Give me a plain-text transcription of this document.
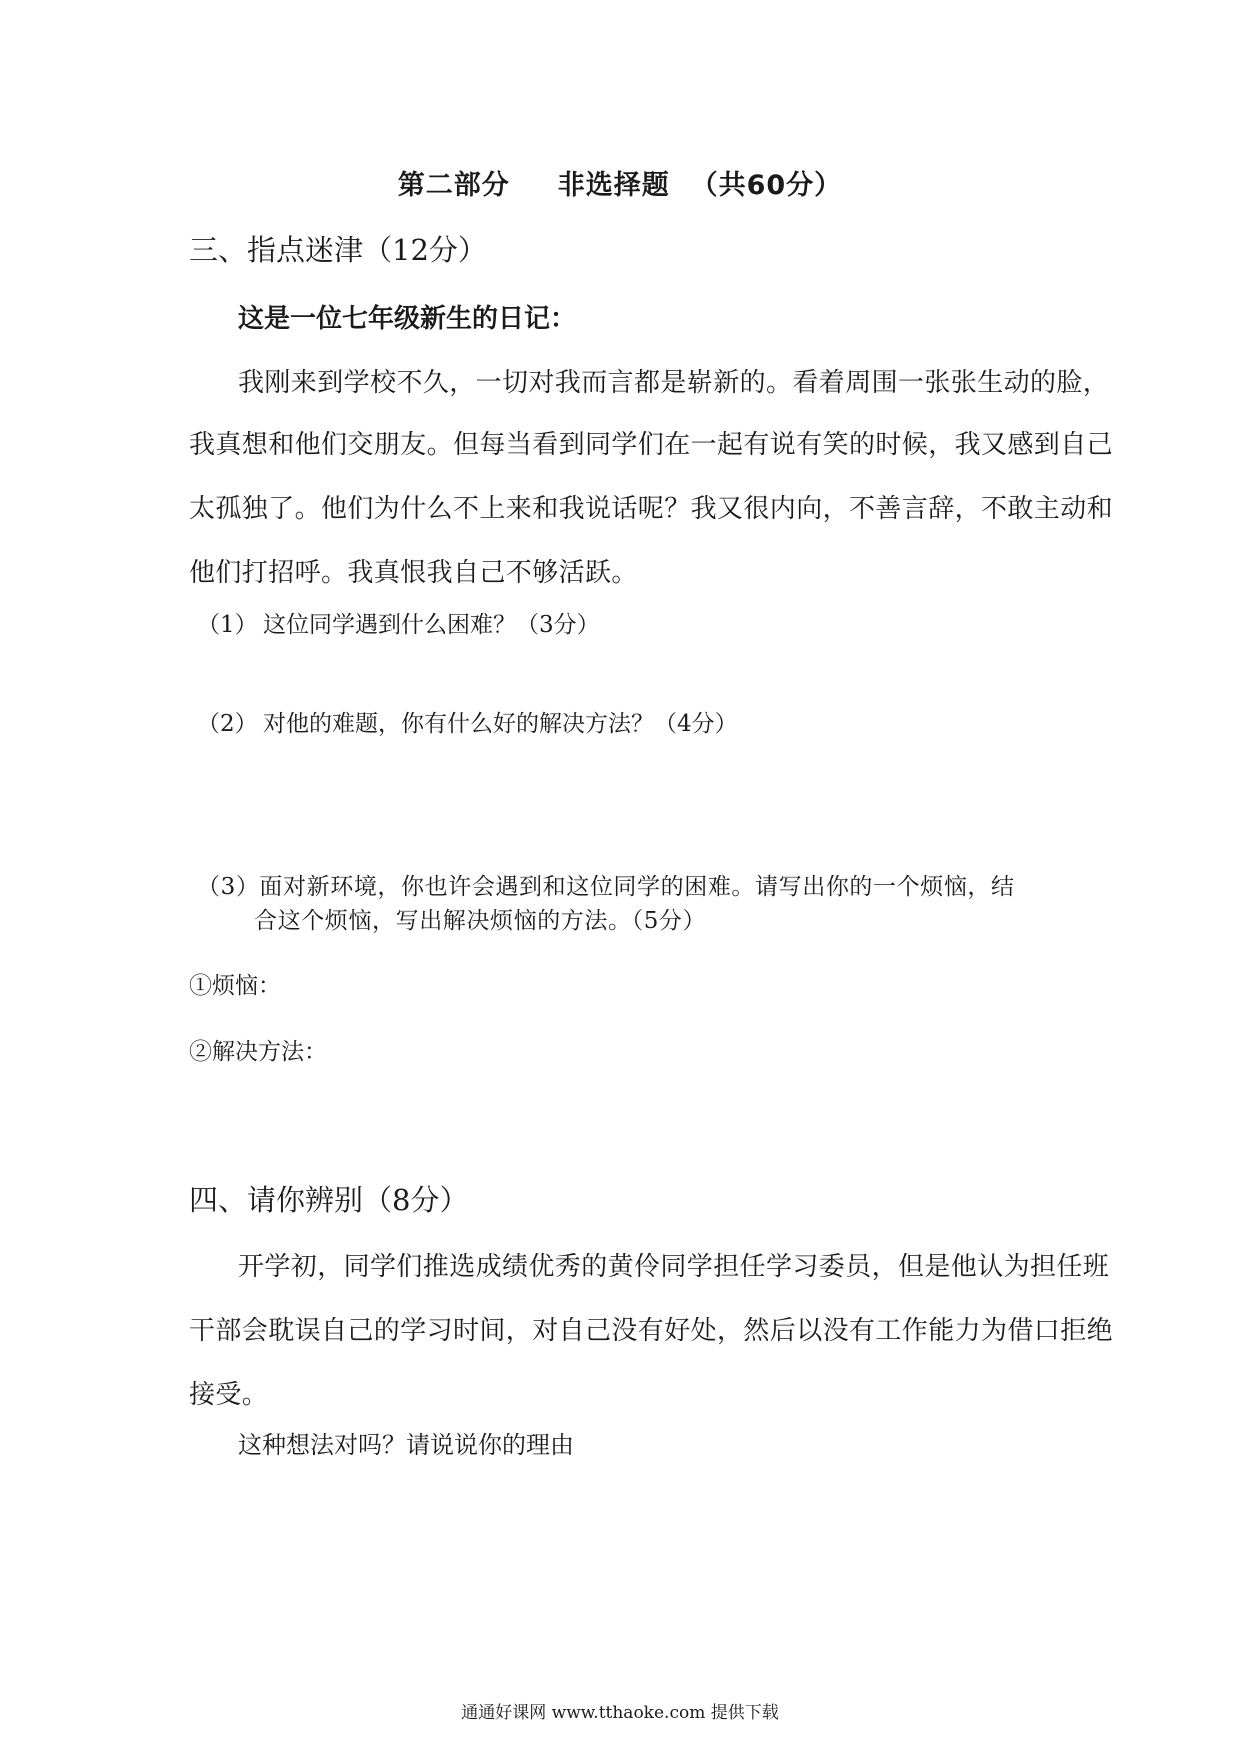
第二部分 非选择题 （共60分）
三、指点迷津（12分）
这是一位七年级新生的日记：
我刚来到学校不久，一切对我而言都是崭新的。看着周围一张张生动的脸，
我真想和他们交朋友。但每当看到同学们在一起有说有笑的时候，我又感到自己
太孤独了。他们为什么不上来和我说话呢？我又很内向，不善言辞，不敢主动和
他们打招呼。我真恨我自己不够活跃。
（1） 这位同学遇到什么困难？（3分）
（2） 对他的难题，你有什么好的解决方法？（4分）
（3）面对新环境，你也许会遇到和这位同学的困难。请写出你的一个烦恼，结
合这个烦恼，写出解决烦恼的方法。（5分）
①烦恼：
②解决方法：
四、请你辨别（8分）
开学初，同学们推选成绩优秀的黄伶同学担任学习委员，但是他认为担任班
干部会耽误自己的学习时间，对自己没有好处，然后以没有工作能力为借口拒绝
接受。
这种想法对吗？请说说你的理由
通通好课网 www.tthaoke.com 提供下载
